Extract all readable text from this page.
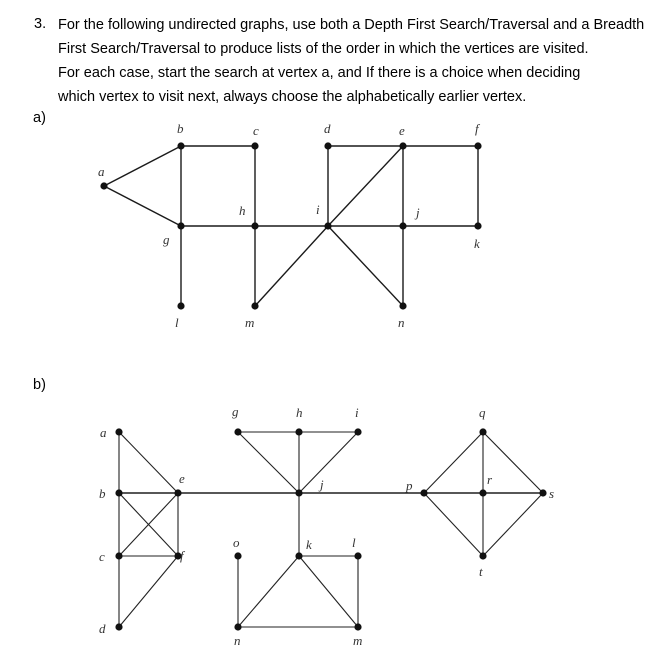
3. For the following undirected graphs, use both a Depth First Search/Traversal and a Breadth
First Search/Traversal to produce lists of the order in which the vertices are visited.
For each case, start the search at vertex a, and If there is a choice when deciding
which vertex to visit next, always choose the alphabetically earlier vertex.
a)
b)
a
b	c	d	e	f
g
h	i	j
k
l	m	n
a
b
c
d
e
f
g	h	i
j
k	l
m
n
o
p
q
r
s
t
